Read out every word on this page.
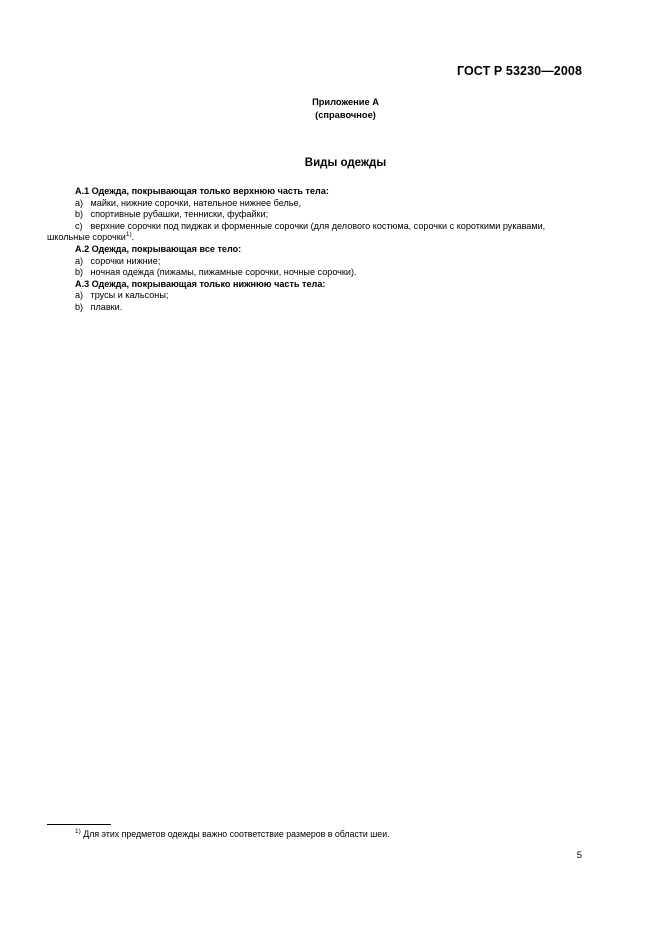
ГОСТ Р 53230—2008
Приложение А
(справочное)
Виды одежды

А.1 Одежда, покрывающая только верхнюю часть тела:

а) майки, нижние сорочки, нательное нижнее белье,

b) спортивные рубашки, тенниски, фуфайки;

с) верхние сорочки под пиджак и форменные сорочки (для делового костюма, сорочки с короткими рукавами,

школьные сорочки$^{1)}$.

А.2 Одежда, покрывающая все тело:

а) сорочки нижние;

b) ночная одежда (пижамы, пижамные сорочки, ночные сорочки).

А.3 Одежда, покрывающая только нижнюю часть тела:

а) трусы и кальсоны;

b) плавки.

$^{1)}$ Для этих предметов одежды важно соответствие размеров в области шеи.
5
